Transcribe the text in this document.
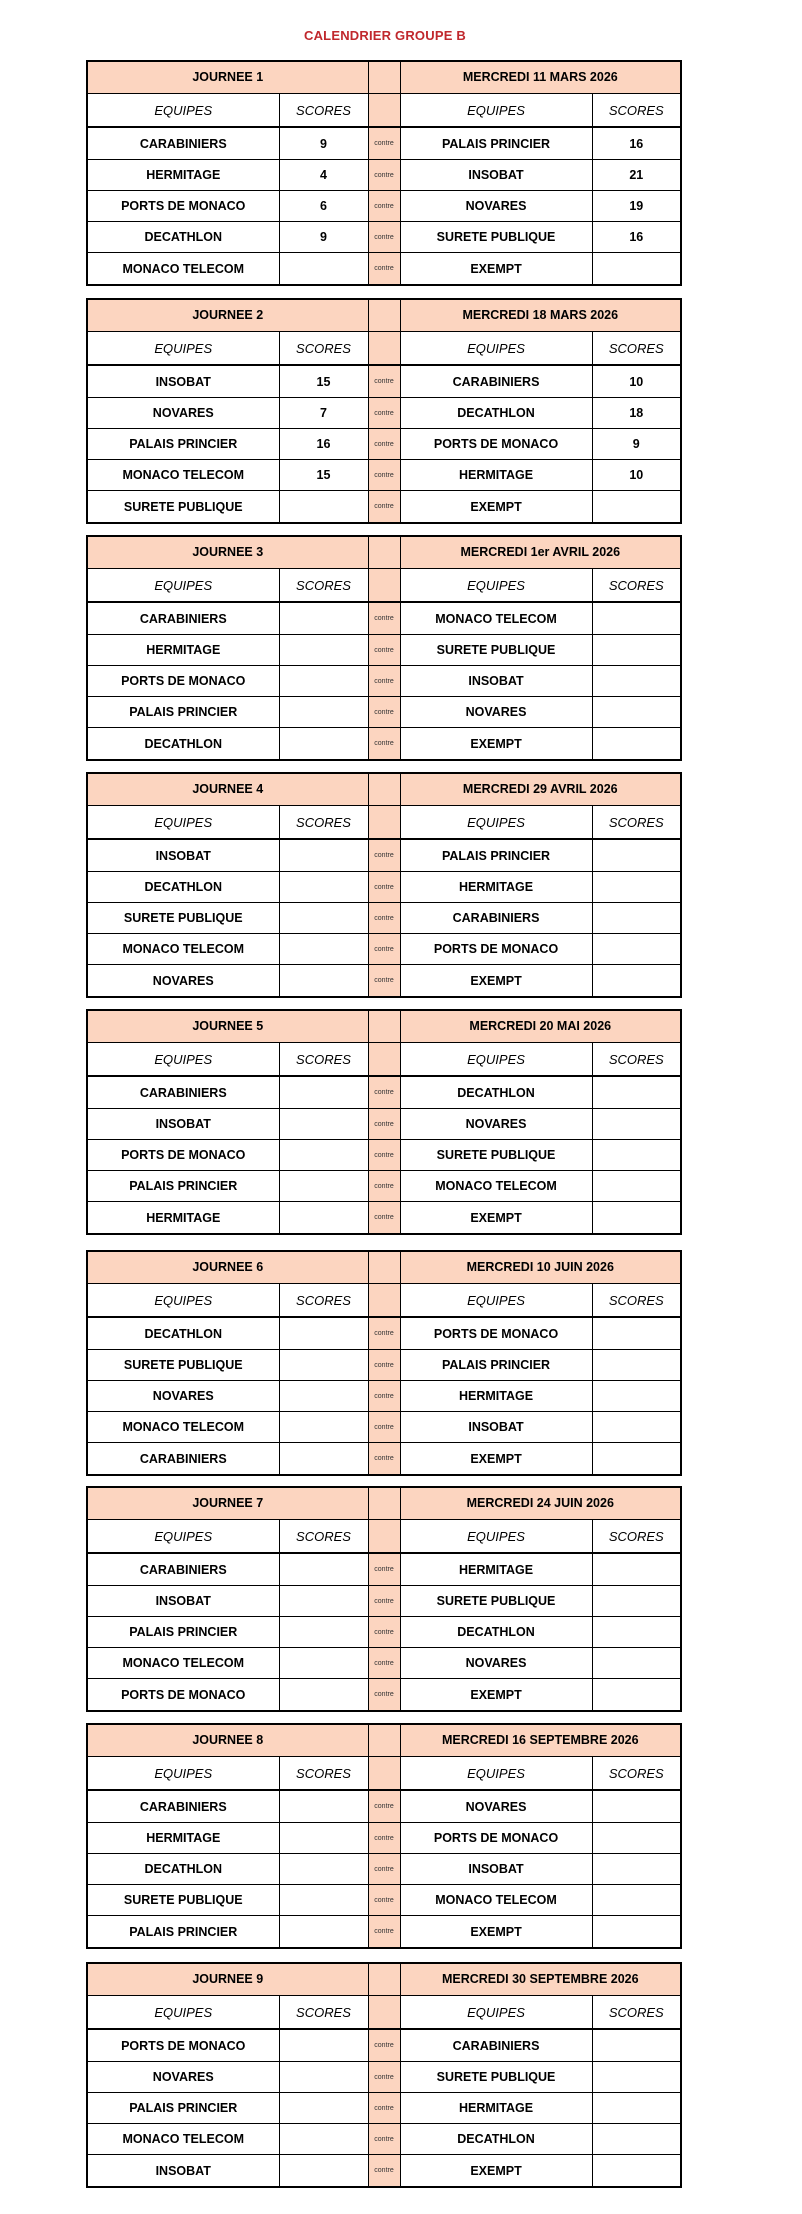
CALENDRIER GROUPE B
JOURNEE 1			MERCREDI 11 MARS 2026	
EQUIPES	SCORES		EQUIPES	SCORES
CARABINIERS	9	contre	PALAIS PRINCIER	16
HERMITAGE	4	contre	INSOBAT	21
PORTS DE MONACO	6	contre	NOVARES	19
DECATHLON	9	contre	SURETE PUBLIQUE	16
MONACO TELECOM		contre	EXEMPT	
JOURNEE 2			MERCREDI 18 MARS 2026	
EQUIPES	SCORES		EQUIPES	SCORES
INSOBAT	15	contre	CARABINIERS	10
NOVARES	7	contre	DECATHLON	18
PALAIS PRINCIER	16	contre	PORTS DE MONACO	9
MONACO TELECOM	15	contre	HERMITAGE	10
SURETE PUBLIQUE		contre	EXEMPT	
JOURNEE 3			MERCREDI 1er AVRIL 2026	
EQUIPES	SCORES		EQUIPES	SCORES
CARABINIERS		contre	MONACO TELECOM	
HERMITAGE		contre	SURETE PUBLIQUE	
PORTS DE MONACO		contre	INSOBAT	
PALAIS PRINCIER		contre	NOVARES	
DECATHLON		contre	EXEMPT	
JOURNEE 4			MERCREDI 29 AVRIL 2026	
EQUIPES	SCORES		EQUIPES	SCORES
INSOBAT		contre	PALAIS PRINCIER	
DECATHLON		contre	HERMITAGE	
SURETE PUBLIQUE		contre	CARABINIERS	
MONACO TELECOM		contre	PORTS DE MONACO	
NOVARES		contre	EXEMPT	
JOURNEE 5			MERCREDI 20 MAI 2026	
EQUIPES	SCORES		EQUIPES	SCORES
CARABINIERS		contre	DECATHLON	
INSOBAT		contre	NOVARES	
PORTS DE MONACO		contre	SURETE PUBLIQUE	
PALAIS PRINCIER		contre	MONACO TELECOM	
HERMITAGE		contre	EXEMPT	
JOURNEE 6			MERCREDI 10 JUIN 2026	
EQUIPES	SCORES		EQUIPES	SCORES
DECATHLON		contre	PORTS DE MONACO	
SURETE PUBLIQUE		contre	PALAIS PRINCIER	
NOVARES		contre	HERMITAGE	
MONACO TELECOM		contre	INSOBAT	
CARABINIERS		contre	EXEMPT	
JOURNEE 7			MERCREDI 24 JUIN 2026	
EQUIPES	SCORES		EQUIPES	SCORES
CARABINIERS		contre	HERMITAGE	
INSOBAT		contre	SURETE PUBLIQUE	
PALAIS PRINCIER		contre	DECATHLON	
MONACO TELECOM		contre	NOVARES	
PORTS DE MONACO		contre	EXEMPT	
JOURNEE 8			MERCREDI 16 SEPTEMBRE 2026	
EQUIPES	SCORES		EQUIPES	SCORES
CARABINIERS		contre	NOVARES	
HERMITAGE		contre	PORTS DE MONACO	
DECATHLON		contre	INSOBAT	
SURETE PUBLIQUE		contre	MONACO TELECOM	
PALAIS PRINCIER		contre	EXEMPT	
JOURNEE 9			MERCREDI 30 SEPTEMBRE 2026	
EQUIPES	SCORES		EQUIPES	SCORES
PORTS DE MONACO		contre	CARABINIERS	
NOVARES		contre	SURETE PUBLIQUE	
PALAIS PRINCIER		contre	HERMITAGE	
MONACO TELECOM		contre	DECATHLON	
INSOBAT		contre	EXEMPT	
